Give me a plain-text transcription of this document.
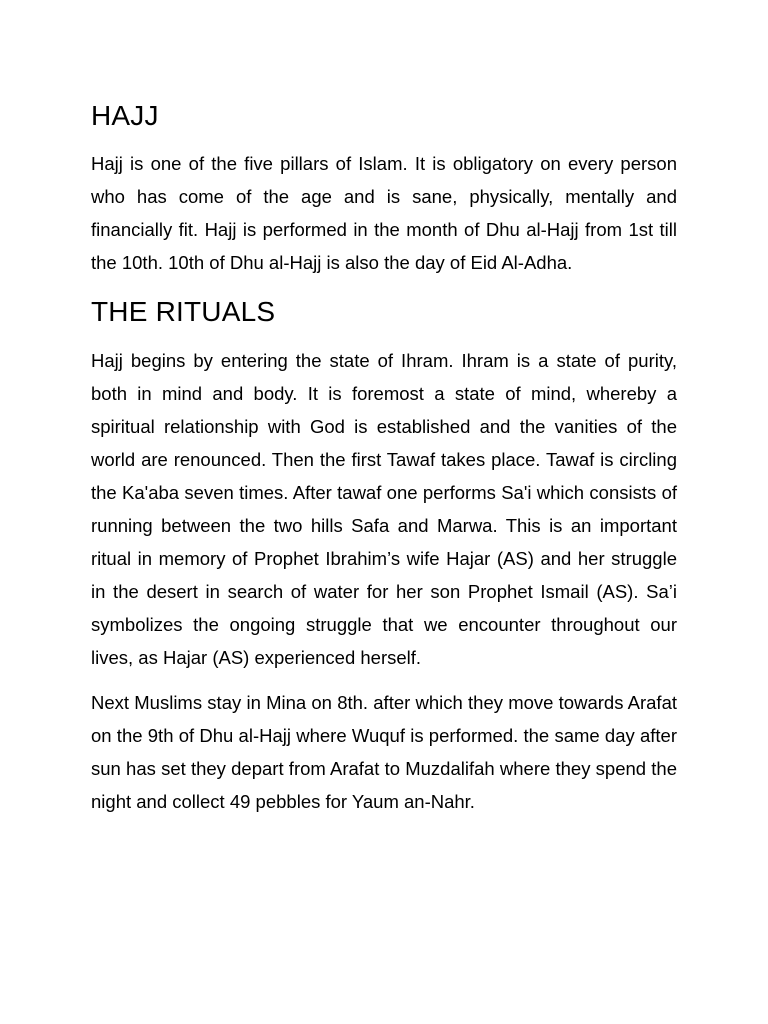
HAJJ

Hajj is one of the five pillars of Islam. It is obligatory on every person who has come of the age and is sane, physically, mentally and financially fit. Hajj is performed in the month of Dhu al-Hajj from 1st till the 10th. 10th of Dhu al-Hajj is also the day of Eid Al-Adha.

THE RITUALS

Hajj begins by entering the state of Ihram. Ihram is a state of purity, both in mind and body. It is foremost a state of mind, whereby a spiritual relationship with God is established and the vanities of the world are renounced. Then the first Tawaf takes place. Tawaf is circling the Ka'aba seven times. After tawaf one performs Sa'i which consists of running between the two hills Safa and Marwa. This is an important ritual in memory of Prophet Ibrahim’s wife Hajar (AS) and her struggle in the desert in search of water for her son Prophet Ismail (AS). Sa’i symbolizes the ongoing struggle that we encounter throughout our lives, as Hajar (AS) experienced herself.

Next Muslims stay in Mina on 8th. after which they move towards Arafat on the 9th of Dhu al-Hajj where Wuquf is performed. the same day after sun has set they depart from Arafat to Muzdalifah where they spend the night and collect 49 pebbles for Yaum an-Nahr.
